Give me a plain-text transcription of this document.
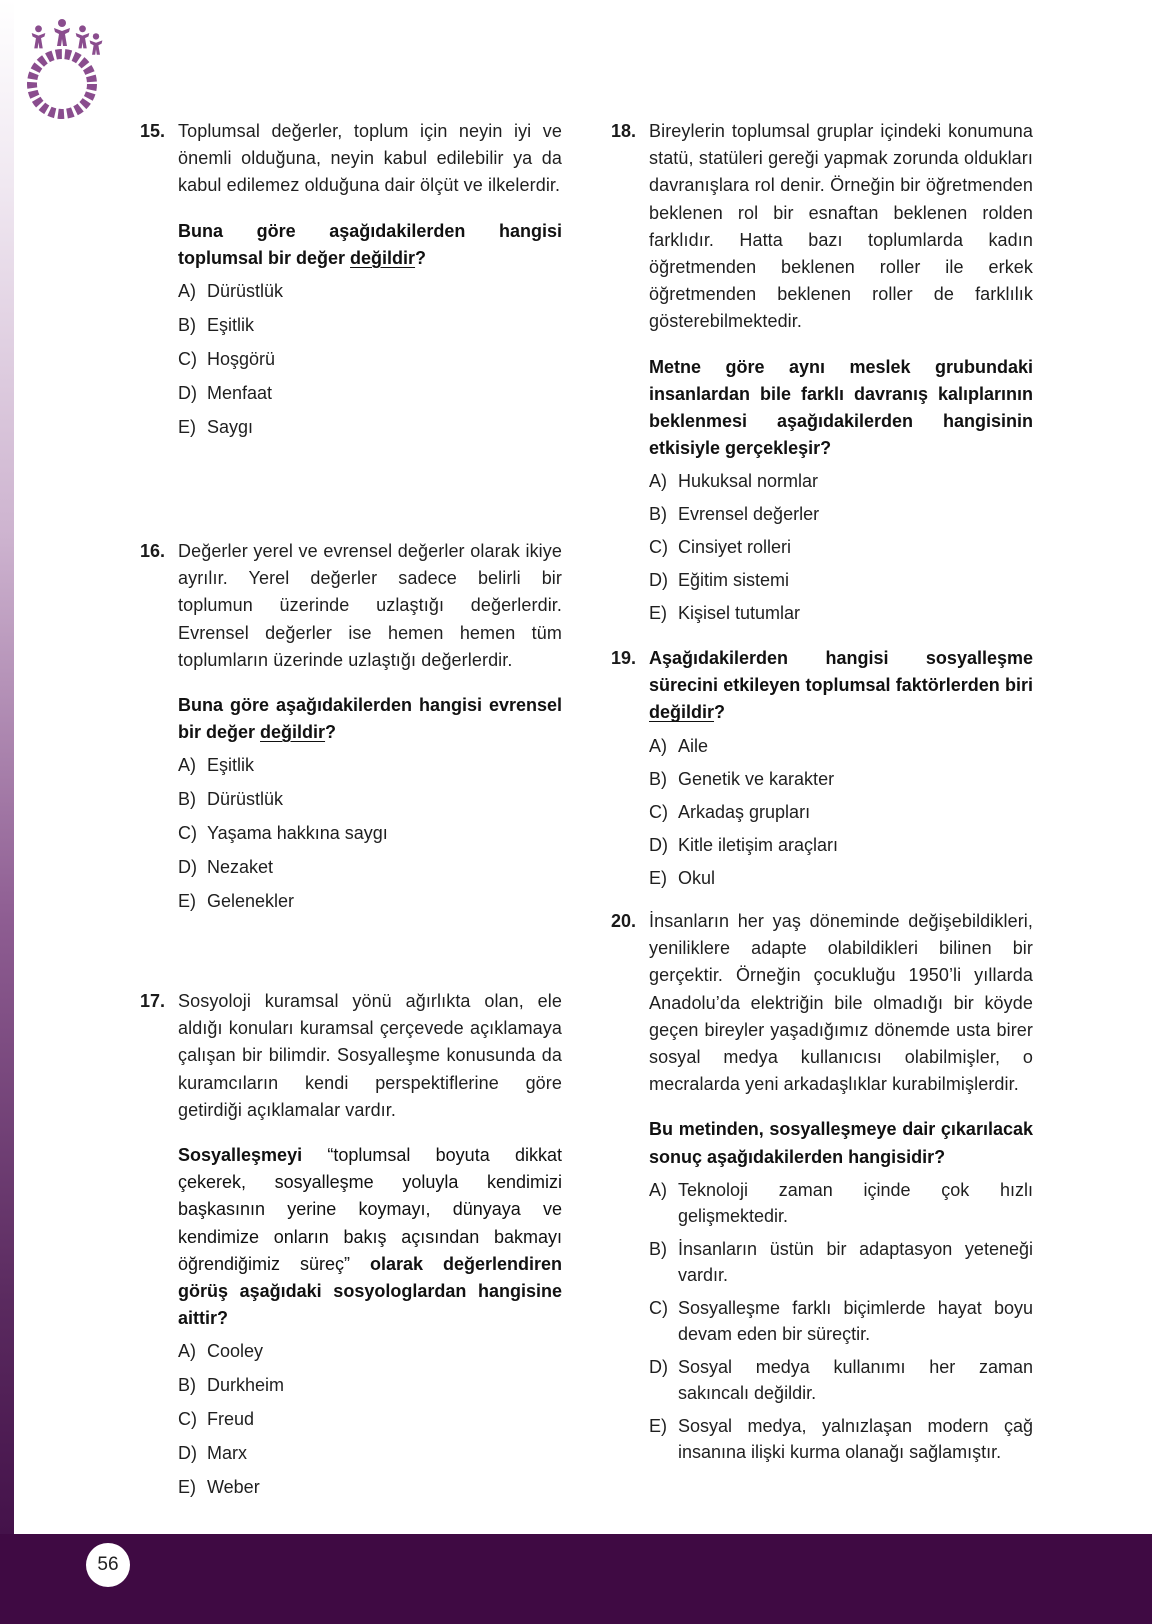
15. Toplumsal değerler, toplum için neyin iyi ve önemli olduğuna, neyin kabul edilebilir ya da kabul edilemez olduğuna dair ölçüt ve ilkelerdir.

Buna göre aşağıdakilerden hangisi toplumsal bir değer değildir?

A) Dürüstlük
B) Eşitlik
C) Hoşgörü
D) Menfaat
E) Saygı
16. Değerler yerel ve evrensel değerler olarak ikiye ayrılır. Yerel değerler sadece belirli bir toplumun üzerinde uzlaştığı değerlerdir. Evrensel değerler ise hemen hemen tüm toplumların üzerinde uzlaştığı değerlerdir.

Buna göre aşağıdakilerden hangisi evrensel bir değer değildir?

A) Eşitlik
B) Dürüstlük
C) Yaşama hakkına saygı
D) Nezaket
E) Gelenekler
17. Sosyoloji kuramsal yönü ağırlıkta olan, ele aldığı konuları kuramsal çerçevede açıklamaya çalışan bir bilimdir. Sosyalleşme konusunda da kuramcıların kendi perspektiflerine göre getirdiği açıklamalar vardır.

Sosyalleşmeyi “toplumsal boyuta dikkat çekerek, sosyalleşme yoluyla kendimizi başkasının yerine koymayı, dünyaya ve kendimize onların bakış açısından bakmayı öğrendiğimiz süreç” olarak değerlendiren görüş aşağıdaki sosyologlardan hangisine aittir?

A) Cooley
B) Durkheim
C) Freud
D) Marx
E) Weber
18. Bireylerin toplumsal gruplar içindeki konumuna statü, statüleri gereği yapmak zorunda oldukları davranışlara rol denir. Örneğin bir öğretmenden beklenen rol bir esnaftan beklenen rolden farklıdır. Hatta bazı toplumlarda kadın öğretmenden beklenen roller ile erkek öğretmenden beklenen roller de farklılık gösterebilmektedir.

Metne göre aynı meslek grubundaki insanlardan bile farklı davranış kalıplarının beklenmesi aşağıdakilerden hangisinin etkisiyle gerçekleşir?

A) Hukuksal normlar
B) Evrensel değerler
C) Cinsiyet rolleri
D) Eğitim sistemi
E) Kişisel tutumlar
19. Aşağıdakilerden hangisi sosyalleşme sürecini etkileyen toplumsal faktörlerden biri değildir?

A) Aile
B) Genetik ve karakter
C) Arkadaş grupları
D) Kitle iletişim araçları
E) Okul
20. İnsanların her yaş döneminde değişebildikleri, yeniliklere adapte olabildikleri bilinen bir gerçektir. Örneğin çocukluğu 1950’li yıllarda Anadolu’da elektriğin bile olmadığı bir köyde geçen bireyler yaşadığımız dönemde usta birer sosyal medya kullanıcısı olabilmişler, o mecralarda yeni arkadaşlıklar kurabilmişlerdir.

Bu metinden, sosyalleşmeye dair çıkarılacak sonuç aşağıdakilerden hangisidir?

A) Teknoloji zaman içinde çok hızlı gelişmektedir.
B) İnsanların üstün bir adaptasyon yeteneği vardır.
C) Sosyalleşme farklı biçimlerde hayat boyu devam eden bir süreçtir.
D) Sosyal medya kullanımı her zaman sakıncalı değildir.
E) Sosyal medya, yalnızlaşan modern çağ insanına ilişki kurma olanağı sağlamıştır.
56
